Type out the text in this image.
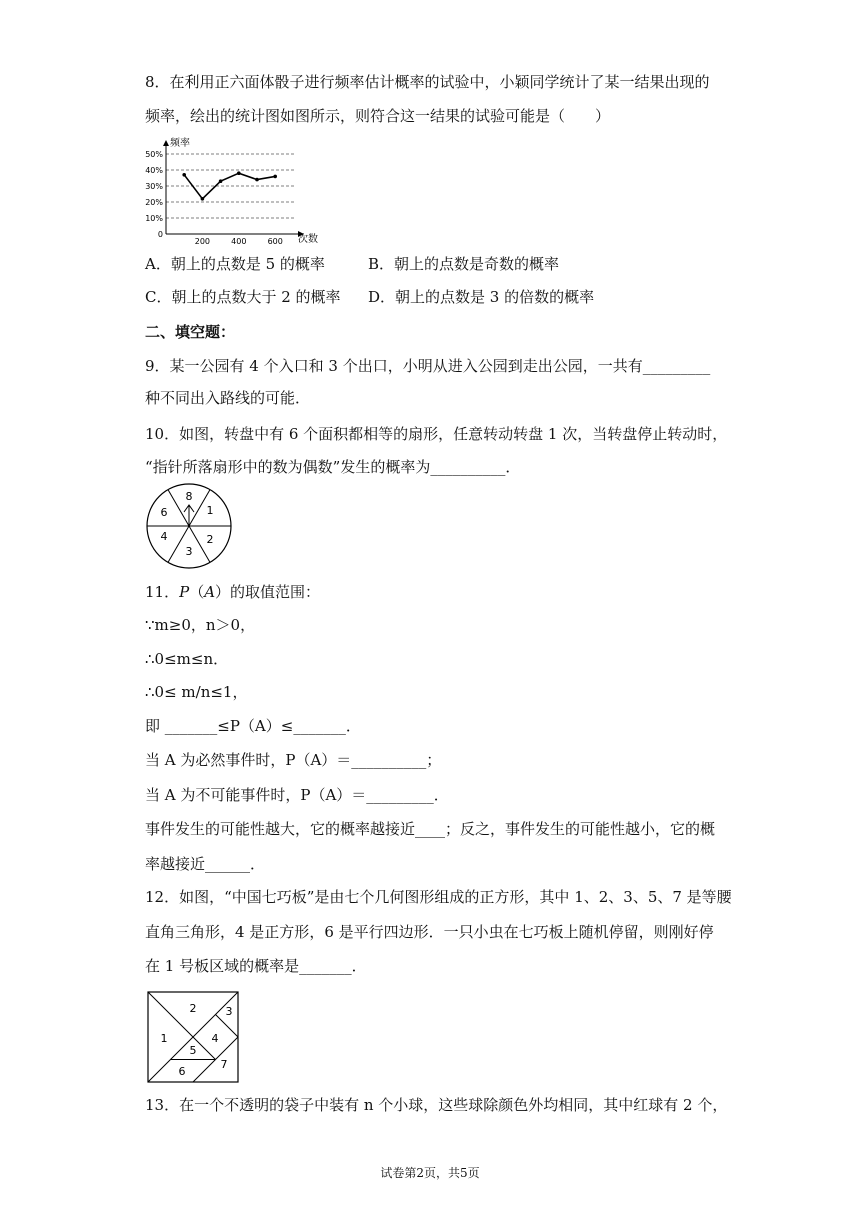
8．在利用正六面体骰子进行频率估计概率的试验中，小颖同学统计了某一结果出现的
频率，绘出的统计图如图所示，则符合这一结果的试验可能是（　　）
频率
次数
50%
40%
30%
20%
10%
0
200	400	600
A．朝上的点数是 5 的概率	B．朝上的点数是奇数的概率
C．朝上的点数大于 2 的概率 D．朝上的点数是 3 的倍数的概率
二、填空题：
9．某一公园有 4 个入口和 3 个出口，小明从进入公园到走出公园，一共有_________
种不同出入路线的可能．
10．如图，转盘中有 6 个面积都相等的扇形，任意转动转盘 1 次，当转盘停止转动时，
“指针所落扇形中的数为偶数”发生的概率为__________．
8
1
2
3
4
6
11．P（A）的取值范围：
∵m≥0，n＞0，
∴0≤m≤n．
∴0≤ m/n≤1，
即 _______≤P（A）≤_______．
当 A 为必然事件时，P（A）＝__________；
当 A 为不可能事件时，P（A）＝_________．
事件发生的可能性越大，它的概率越接近____；反之，事件发生的可能性越小，它的概
率越接近______．
12．如图，“中国七巧板”是由七个几何图形组成的正方形，其中 1、2、3、5、7 是等腰
直角三角形，4 是正方形，6 是平行四边形．一只小虫在七巧板上随机停留，则刚好停
在 1 号板区域的概率是_______．
1
2	3
4
5
6
7
13．在一个不透明的袋子中装有 n 个小球，这些球除颜色外均相同，其中红球有 2 个，
试卷第2页，共5页
